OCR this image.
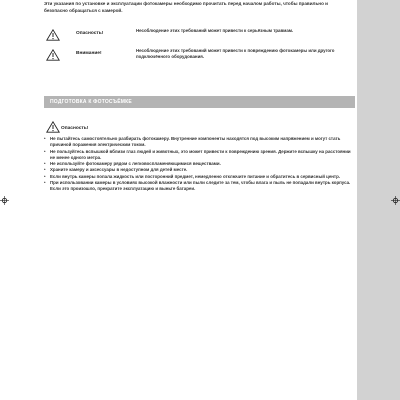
Эти указания по установке и эксплуатации фотокамеры необходимо прочитать перед началом работы, чтобы правильно и безопасно обращаться с камерой.
Опасность!
Несоблюдение этих требований может привести к серьёзным травмам.
Внимание!
Несоблюдение этих требований может привести к повреждению фотокамеры или другого подключённого оборудования.
ПОДГОТОВКА К ФОТОСЪЁМКЕ
Опасность!
• Не пытайтесь самостоятельно разбирать фотокамеру. Внутренние компоненты находятся под высоким напряжением и могут стать причиной поражения электрическим током.
• Не пользуйтесь вспышкой вблизи глаз людей и животных, это может привести к повреждению зрения. Держите вспышку на расстоянии не менее одного метра.
• Не используйте фотокамеру рядом с легковоспламеняющимися веществами.
• Храните камеру и аксессуары в недоступном для детей месте.
• Если внутрь камеры попала жидкость или посторонний предмет, немедленно отключите питание и обратитесь в сервисный центр.
• При использовании камеры в условиях высокой влажности или пыли следите за тем, чтобы влага и пыль не попадали внутрь корпуса. Если это произошло, прекратите эксплуатацию и выньте батареи.
